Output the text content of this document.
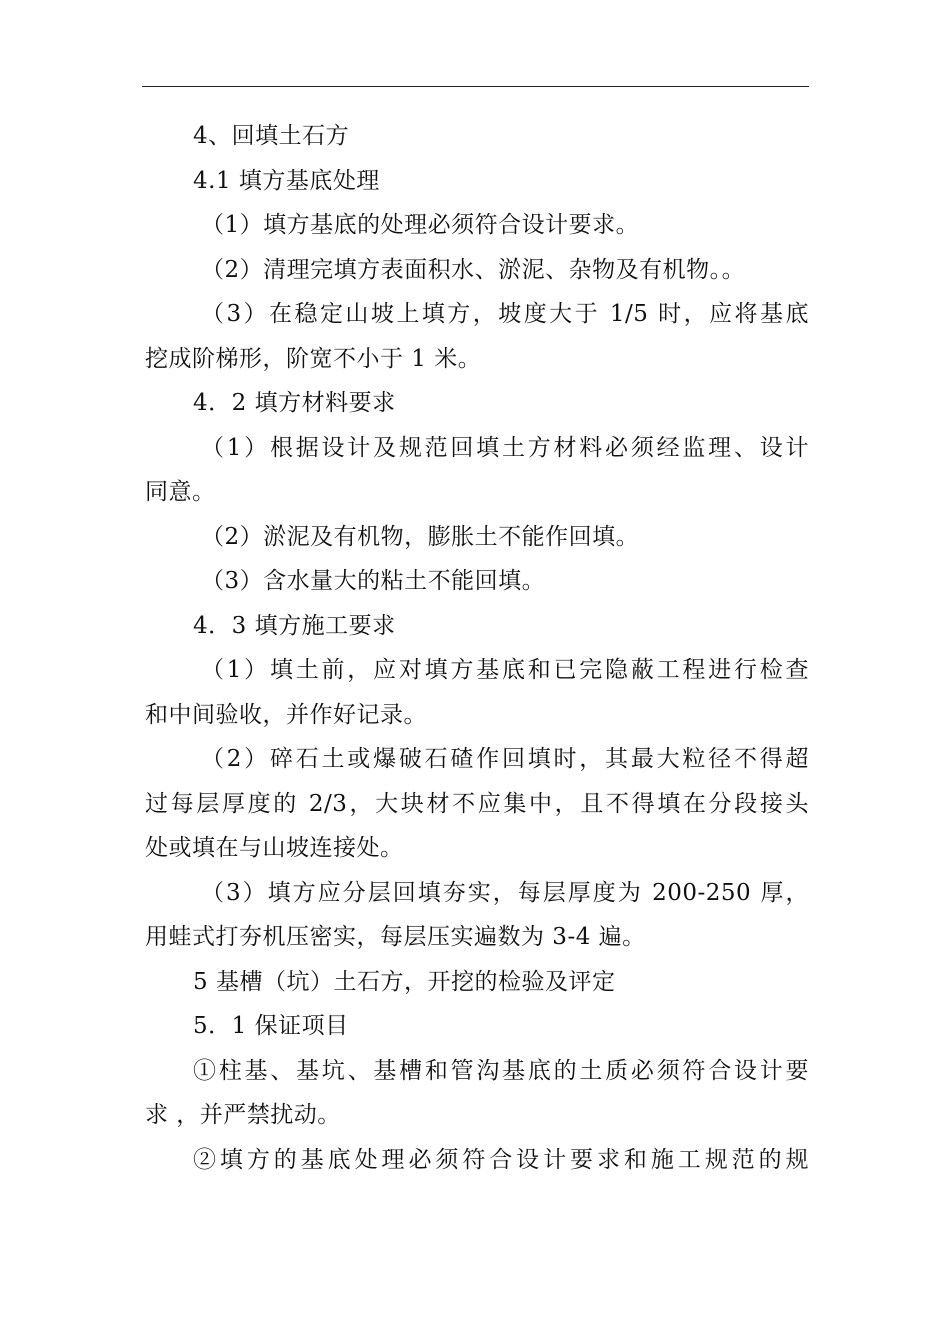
4、回填土石方
4.1 填方基底处理
（1）填方基底的处理必须符合设计要求。
（2）清理完填方表面积水、淤泥、杂物及有机物。。
（3）在稳定山坡上填方，坡度大于 1/5 时，应将基底
挖成阶梯形，阶宽不小于 1 米。
4．2 填方材料要求
（1）根据设计及规范回填土方材料必须经监理、设计
同意。
（2）淤泥及有机物，膨胀土不能作回填。
（3）含水量大的粘土不能回填。
4．3 填方施工要求
（1）填土前，应对填方基底和已完隐蔽工程进行检查
和中间验收，并作好记录。
（2）碎石土或爆破石碴作回填时，其最大粒径不得超
过每层厚度的 2/3，大块材不应集中，且不得填在分段接头
处或填在与山坡连接处。
（3）填方应分层回填夯实，每层厚度为 200-250 厚，
用蛙式打夯机压密实，每层压实遍数为 3-4 遍。
5 基槽（坑）土石方，开挖的检验及评定
5．1 保证项目
①柱基、基坑、基槽和管沟基底的土质必须符合设计要
求 ，并严禁扰动。
②填方的基底处理必须符合设计要求和施工规范的规
